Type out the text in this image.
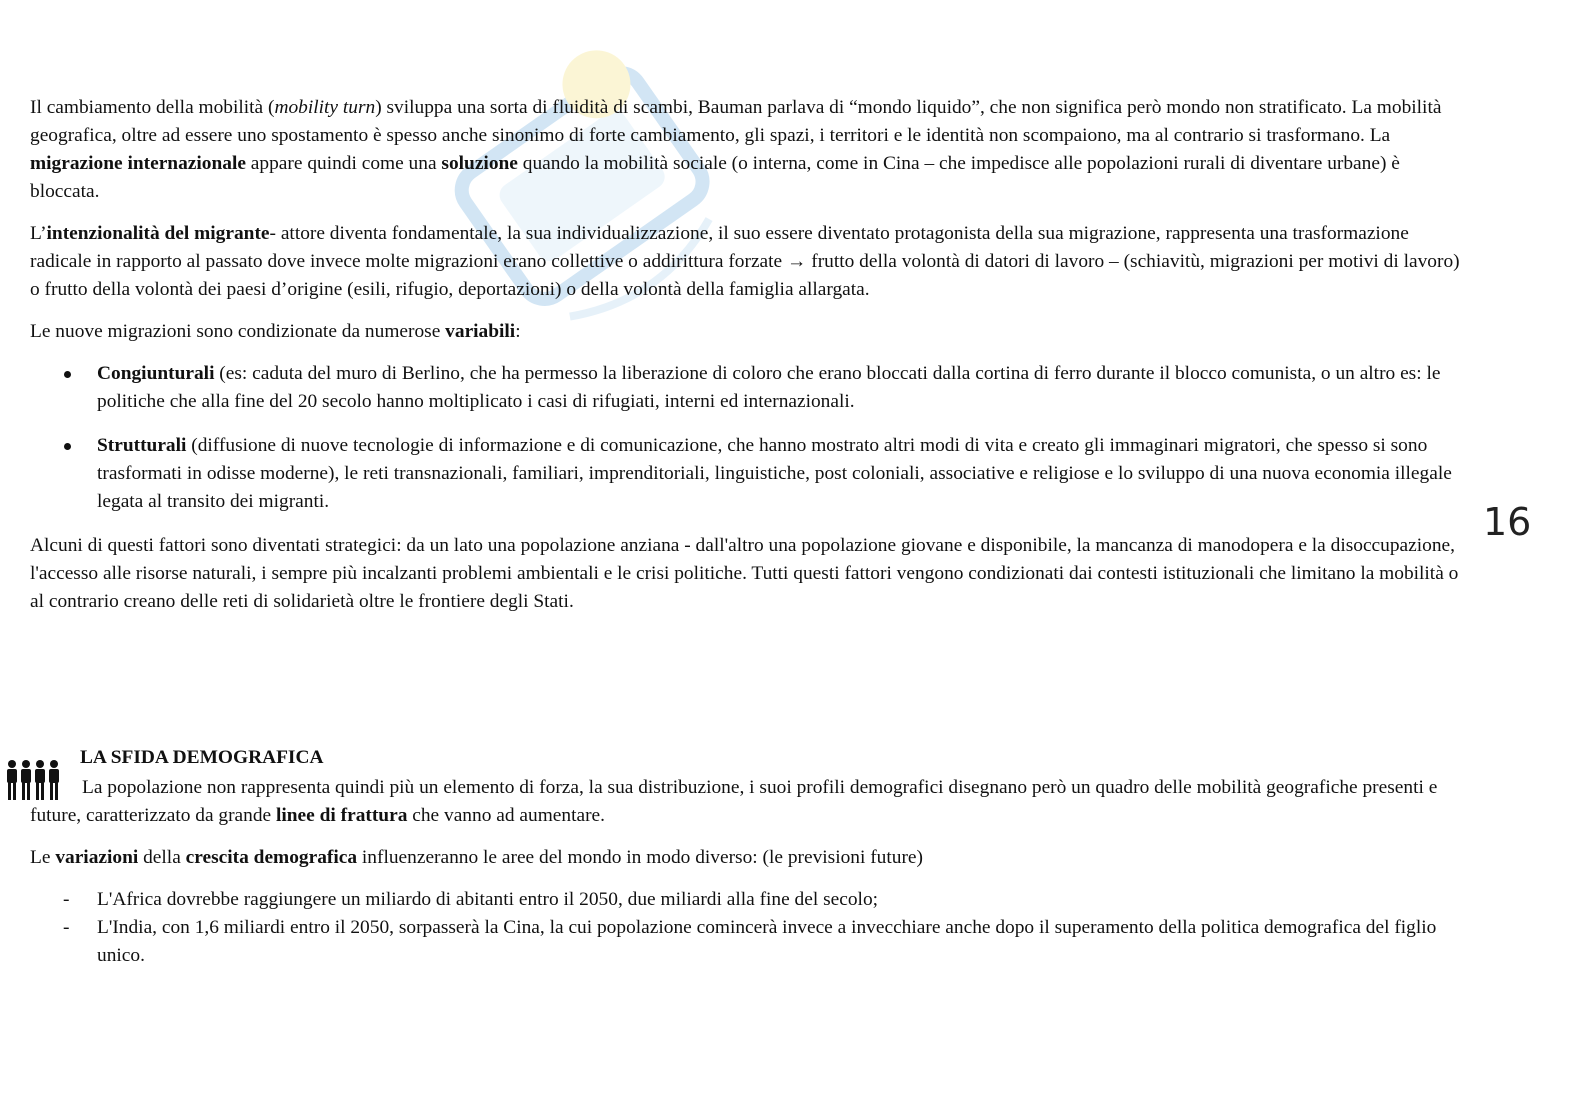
Il cambiamento della mobilità (mobility turn) sviluppa una sorta di fluidità di scambi, Bauman parlava di “mondo liquido”, che non significa però mondo non stratificato. La mobilità geografica, oltre ad essere uno spostamento è spesso anche sinonimo di forte cambiamento, gli spazi, i territori e le identità non scompaiono, ma al contrario si trasformano. La migrazione internazionale appare quindi come una soluzione quando la mobilità sociale (o interna, come in Cina – che impedisce alle popolazioni rurali di diventare urbane) è bloccata.

L’intenzionalità del migrante- attore diventa fondamentale, la sua individualizzazione, il suo essere diventato protagonista della sua migrazione, rappresenta una trasformazione radicale in rapporto al passato dove invece molte migrazioni erano collettive o addirittura forzate → frutto della volontà di datori di lavoro – (schiavitù, migrazioni per motivi di lavoro) o frutto della volontà dei paesi d’origine (esili, rifugio, deportazioni) o della volontà della famiglia allargata.

Le nuove migrazioni sono condizionate da numerose variabili:

Congiunturali (es: caduta del muro di Berlino, che ha permesso la liberazione di coloro che erano bloccati dalla cortina di ferro durante il blocco comunista, o un altro es: le politiche che alla fine del 20 secolo hanno moltiplicato i casi di rifugiati, interni ed internazionali.
Strutturali (diffusione di nuove tecnologie di informazione e di comunicazione, che hanno mostrato altri modi di vita e creato gli immaginari migratori, che spesso si sono trasformati in odisse moderne), le reti transnazionali, familiari, imprenditoriali, linguistiche, post coloniali, associative e religiose e lo sviluppo di una nuova economia illegale legata al transito dei migranti.

Alcuni di questi fattori sono diventati strategici: da un lato una popolazione anziana - dall'altro una popolazione giovane e disponibile, la mancanza di manodopera e la disoccupazione, l'accesso alle risorse naturali, i sempre più incalzanti problemi ambientali e le crisi politiche. Tutti questi fattori vengono condizionati dai contesti istituzionali che limitano la mobilità o al contrario creano delle reti di solidarietà oltre le frontiere degli Stati.

16
LA SFIDA DEMOGRAFICA

La popolazione non rappresenta quindi più un elemento di forza, la sua distribuzione, i suoi profili demografici disegnano però un quadro delle mobilità geografiche presenti e future, caratterizzato da grande linee di frattura che vanno ad aumentare.

Le variazioni della crescita demografica influenzeranno le aree del mondo in modo diverso: (le previsioni future)

- L'Africa dovrebbe raggiungere un miliardo di abitanti entro il 2050, due miliardi alla fine del secolo;
- L'India, con 1,6 miliardi entro il 2050, sorpasserà la Cina, la cui popolazione comincerà invece a invecchiare anche dopo il superamento della politica demografica del figlio unico.
